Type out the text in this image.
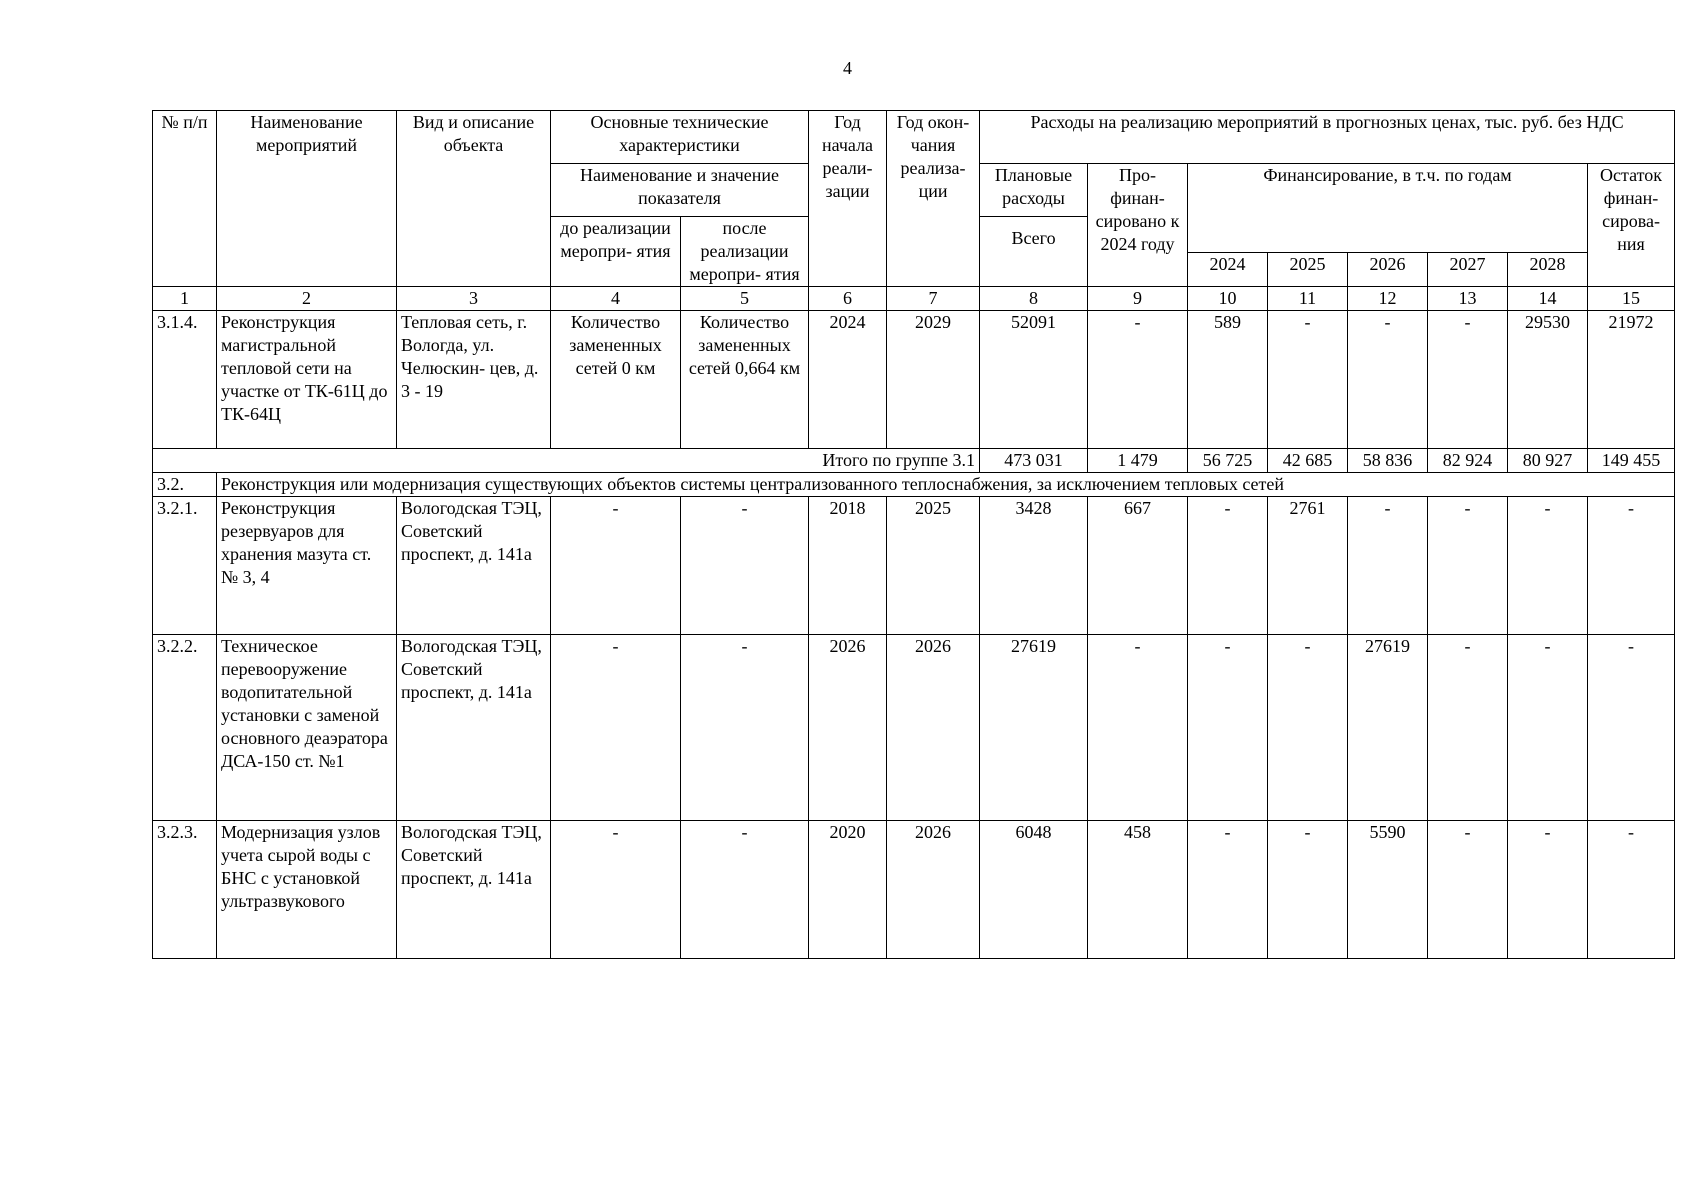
4
№ п/п	Наименование мероприятий	Вид и описание объекта	Основные технические характеристики		Год начала реали- зации	Год окон- чания реализа- ции	Расходы на реализацию мероприятий в прогнозных ценах, тыс. руб. без НДС							
			Наименование и значение показателя				Плановые расходы	Про- финан- сировано к 2024 году	Финансирование, в т.ч. по годам					Остаток финан- сирова- ния
			до реализации меропри- ятия	после реализации меропри- ятия										
							Всего							
									2024	2025	2026	2027	2028	
1	2	3	4	5	6	7	8	9	10	11	12	13	14	15
3.1.4.	Реконструкция магистральной тепловой сети на участке от ТК-61Ц до ТК-64Ц	Тепловая сеть, г. Вологда, ул. Челюскин- цев, д. 3 - 19	Количество замененных сетей 0 км	Количество замененных сетей 0,664 км	2024	2029	52091	-	589	-	-	-	29530	21972
Итого по группе 3.1							473 031	1 479	56 725	42 685	58 836	82 924	80 927	149 455
3.2.	Реконструкция или модернизация существующих объектов системы централизованного теплоснабжения, за исключением тепловых сетей													
3.2.1.	Реконструкция резервуаров для хранения мазута ст. № 3, 4	Вологодская ТЭЦ, Советский проспект, д. 141а	-	-	2018	2025	3428	667	-	2761	-	-	-	-
3.2.2.	Техническое перевооружение водопитательной установки с заменой основного деаэратора ДСА-150 ст. №1	Вологодская ТЭЦ, Советский проспект, д. 141а	-	-	2026	2026	27619	-	-	-	27619	-	-	-
3.2.3.	Модернизация узлов учета сырой воды с БНС с установкой ультразвукового	Вологодская ТЭЦ, Советский проспект, д. 141а	-	-	2020	2026	6048	458	-	-	5590	-	-	-
